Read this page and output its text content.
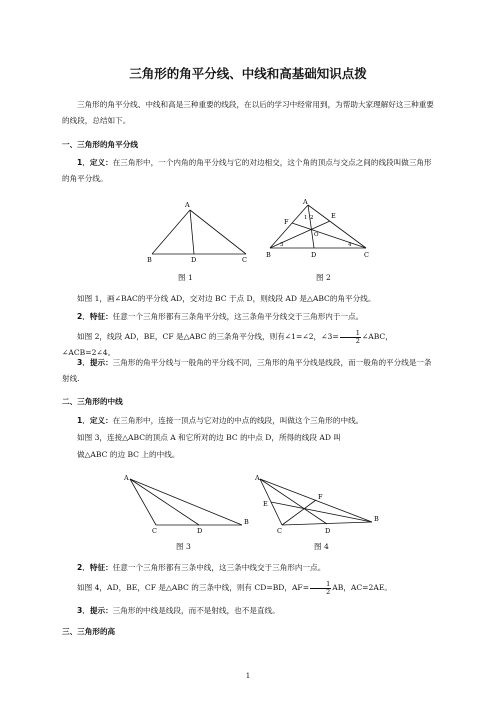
三角形的角平分线、中线和高基础知识点拨
三角形的角平分线、中线和高是三种重要的线段，在以后的学习中经常用到，为帮助大家理解好这三种重要的线段，总结如下。
一、三角形的角平分线
1．定义：在三角形中，一个内角的角平分线与它的对边相交，这个角的顶点与交点之间的线段叫做三角形的角平分线。
A
B	D	C
A
F
E
1 2
O
3	4
B	D	C
图 1	图 2
如图 1，画∠BAC的平分线 AD，交对边 BC 于点 D，则线段 AD 是△ABC的角平分线。
2．特征：任意一个三角形都有三条角平分线，这三条角平分线交于三角形内于一点。
如图 2，线段 AD，BE，CF 是△ABC 的三条角平分线，则有∠1=∠2，∠3= $\frac{1}{2}$ ∠ABC，∠ACB=2∠4。
3．提示：三角形的角平分线与一般角的平分线不同，三角形的角平分线是线段，而一般角的平分线是一条射线.
二、三角形的中线
1．定义：在三角形中，连接一顶点与它对边的中点的线段，叫做这个三角形的中线。
如图 3，连接△ABC的顶点 A 和它所对的边 BC 的中点 D，所得的线段 AD 叫
做△ABC 的边 BC 上的中线。
A
B
C	D
A
F
E
B
C	D
图 3	图 4
2．特征：任意一个三角形都有三条中线，这三条中线交于三角形内一点。
如图 4，AD，BE，CF 是△ABC 的三条中线，则有 CD=BD，$AF= \frac{1}{2}$ AB，AC=2AE。
3．提示：三角形的中线是线段，而不是射线，也不是直线。
三、三角形的高
1
